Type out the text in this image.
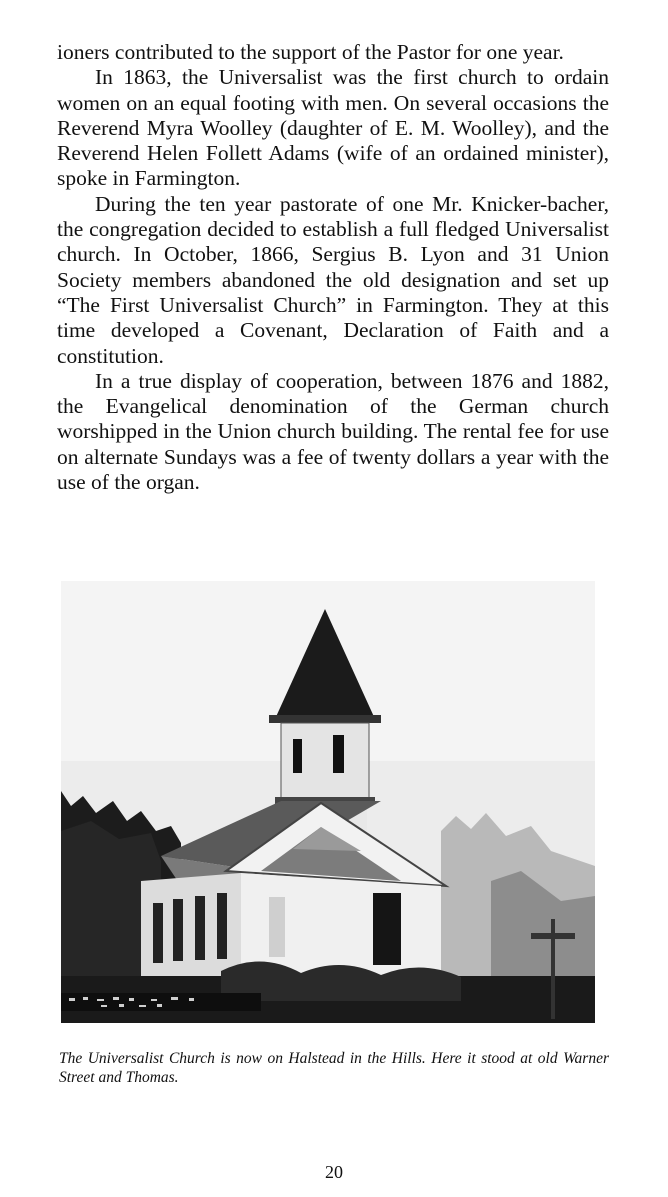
ioners contributed to the support of the Pastor for one year.

In 1863, the Universalist was the first church to ordain women on an equal footing with men. On several occasions the Reverend Myra Woolley (daughter of E. M. Woolley), and the Reverend Helen Follett Adams (wife of an ordained minister), spoke in Farmington.

During the ten year pastorate of one Mr. Knicker-bacher, the congregation decided to establish a full fledged Universalist church. In October, 1866, Sergius B. Lyon and 31 Union Society members abandoned the old designation and set up “The First Universalist Church” in Farmington. They at this time developed a Covenant, Declaration of Faith and a constitution.

In a true display of cooperation, between 1876 and 1882, the Evangelical denomination of the German church worshipped in the Union church building. The rental fee for use on alternate Sundays was a fee of twenty dollars a year with the use of the organ.

The Universalist Church is now on Halstead in the Hills. Here it stood at old Warner Street and Thomas.
20
